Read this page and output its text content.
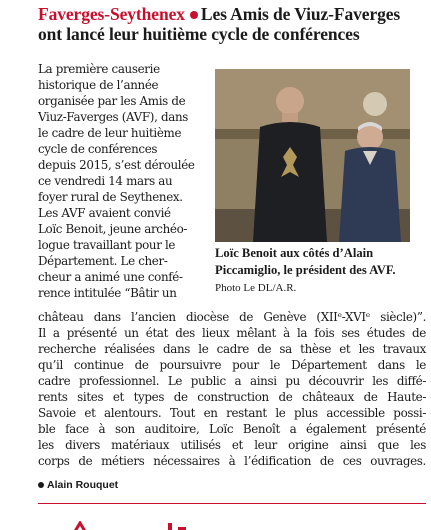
Faverges-Seythenex Les Amis de Viuz-Faverges
ont lancé leur huitième cycle de conférences
La première causerie
historique de l’année
organisée par les Amis de
Viuz-Faverges (AVF), dans
le cadre de leur huitième
cycle de conférences
depuis 2015, s’est déroulée
ce vendredi 14 mars au
foyer rural de Seythenex.
Les AVF avaient convié
Loïc Benoit, jeune archéo-
logue travaillant pour le
Département. Le cher-
cheur a animé une confé-
rence intitulée “Bâtir un
Loïc Benoit aux côtés d’Alain Piccamiglio, le président des AVF. Photo Le DL/A.R.
château dans l’ancien diocèse de Genève (XIIᵉ-XVIᵉ siècle)”.
Il a présenté un état des lieux mêlant à la fois ses études de
recherche réalisées dans le cadre de sa thèse et les travaux
qu’il continue de poursuivre pour le Département dans le
cadre professionnel. Le public a ainsi pu découvrir les diffé-
rents sites et types de construction de châteaux de Haute-
Savoie et alentours. Tout en restant le plus accessible possi-
ble face à son auditoire, Loïc Benoît a également présenté
les divers matériaux utilisés et leur origine ainsi que les
corps de métiers nécessaires à l’édification de ces ouvrages.
Alain Rouquet
